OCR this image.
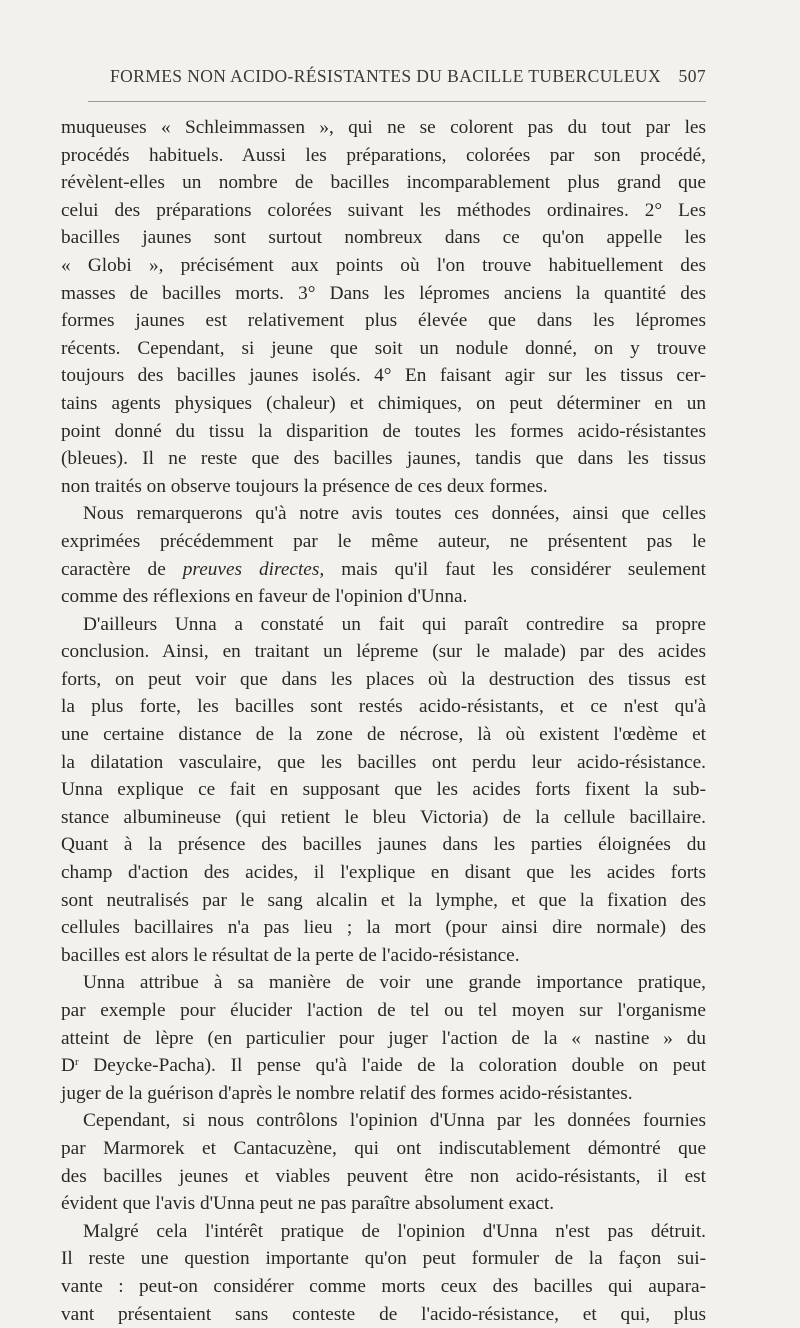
FORMES NON ACIDO-RÉSISTANTES DU BACILLE TUBERCULEUX 507
muqueuses « Schleimmassen », qui ne se colorent pas du tout par les
procédés habituels. Aussi les préparations, colorées par son procédé,
révèlent-elles un nombre de bacilles incomparablement plus grand que
celui des préparations colorées suivant les méthodes ordinaires. 2° Les
bacilles jaunes sont surtout nombreux dans ce qu'on appelle les
« Globi », précisément aux points où l'on trouve habituellement des
masses de bacilles morts. 3° Dans les lépromes anciens la quantité des
formes jaunes est relativement plus élevée que dans les lépromes
récents. Cependant, si jeune que soit un nodule donné, on y trouve
toujours des bacilles jaunes isolés. 4° En faisant agir sur les tissus cer-
tains agents physiques (chaleur) et chimiques, on peut déterminer en un
point donné du tissu la disparition de toutes les formes acido-résistantes
(bleues). Il ne reste que des bacilles jaunes, tandis que dans les tissus
non traités on observe toujours la présence de ces deux formes.
Nous remarquerons qu'à notre avis toutes ces données, ainsi que celles
exprimées précédemment par le même auteur, ne présentent pas le
caractère de preuves directes, mais qu'il faut les considérer seulement
comme des réflexions en faveur de l'opinion d'Unna.
D'ailleurs Unna a constaté un fait qui paraît contredire sa propre
conclusion. Ainsi, en traitant un lépreme (sur le malade) par des acides
forts, on peut voir que dans les places où la destruction des tissus est
la plus forte, les bacilles sont restés acido-résistants, et ce n'est qu'à
une certaine distance de la zone de nécrose, là où existent l'œdème et
la dilatation vasculaire, que les bacilles ont perdu leur acido-résistance.
Unna explique ce fait en supposant que les acides forts fixent la sub-
stance albumineuse (qui retient le bleu Victoria) de la cellule bacillaire.
Quant à la présence des bacilles jaunes dans les parties éloignées du
champ d'action des acides, il l'explique en disant que les acides forts
sont neutralisés par le sang alcalin et la lymphe, et que la fixation des
cellules bacillaires n'a pas lieu ; la mort (pour ainsi dire normale) des
bacilles est alors le résultat de la perte de l'acido-résistance.
Unna attribue à sa manière de voir une grande importance pratique,
par exemple pour élucider l'action de tel ou tel moyen sur l'organisme
atteint de lèpre (en particulier pour juger l'action de la « nastine » du
$D^r$ Deycke-Pacha). Il pense qu'à l'aide de la coloration double on peut
juger de la guérison d'après le nombre relatif des formes acido-résistantes.
Cependant, si nous contrôlons l'opinion d'Unna par les données fournies
par Marmorek et Cantacuzène, qui ont indiscutablement démontré que
des bacilles jeunes et viables peuvent être non acido-résistants, il est
évident que l'avis d'Unna peut ne pas paraître absolument exact.
Malgré cela l'intérêt pratique de l'opinion d'Unna n'est pas détruit.
Il reste une question importante qu'on peut formuler de la façon sui-
vante : peut-on considérer comme morts ceux des bacilles qui aupara-
vant présentaient sans conteste de l'acido-résistance, et qui, plus
